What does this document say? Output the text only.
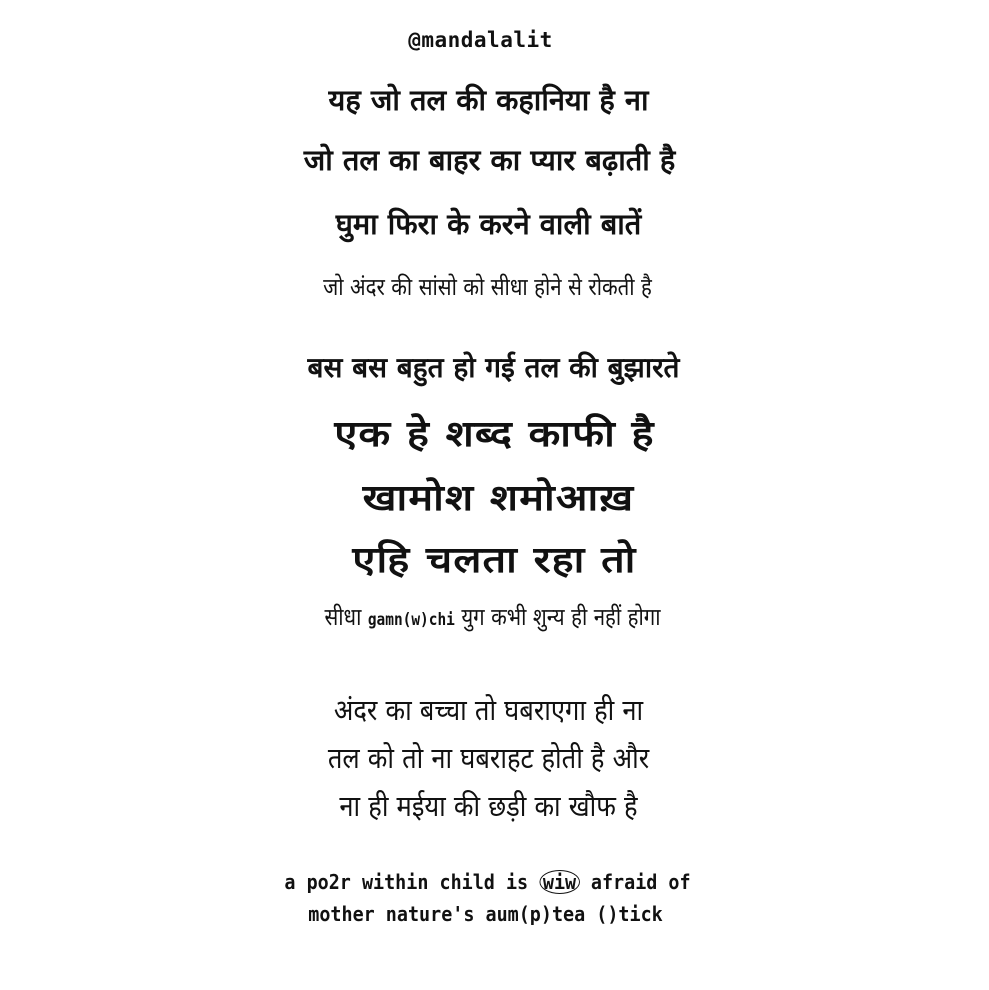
@mandalalit
यह जो तल की कहानिया है ना
जो तल का बाहर का प्यार बढ़ाती है
घुमा फिरा के करने वाली बातें
जो अंदर की सांसो को सीधा होने से रोकती है
बस बस बहुत हो गई तल की बुझारते
एक हे शब्द काफी है
खामोश शमोआख़
एहि चलता रहा तो
सीधा gamn(w)chi युग कभी शुन्य ही नहीं होगा
अंदर का बच्चा तो घबराएगा ही ना
तल को तो ना घबराहट होती है और
ना ही मईया की छड़ी का खौफ है
a po2r within child is wiw afraid of
mother nature's aum(p)tea ()tick
